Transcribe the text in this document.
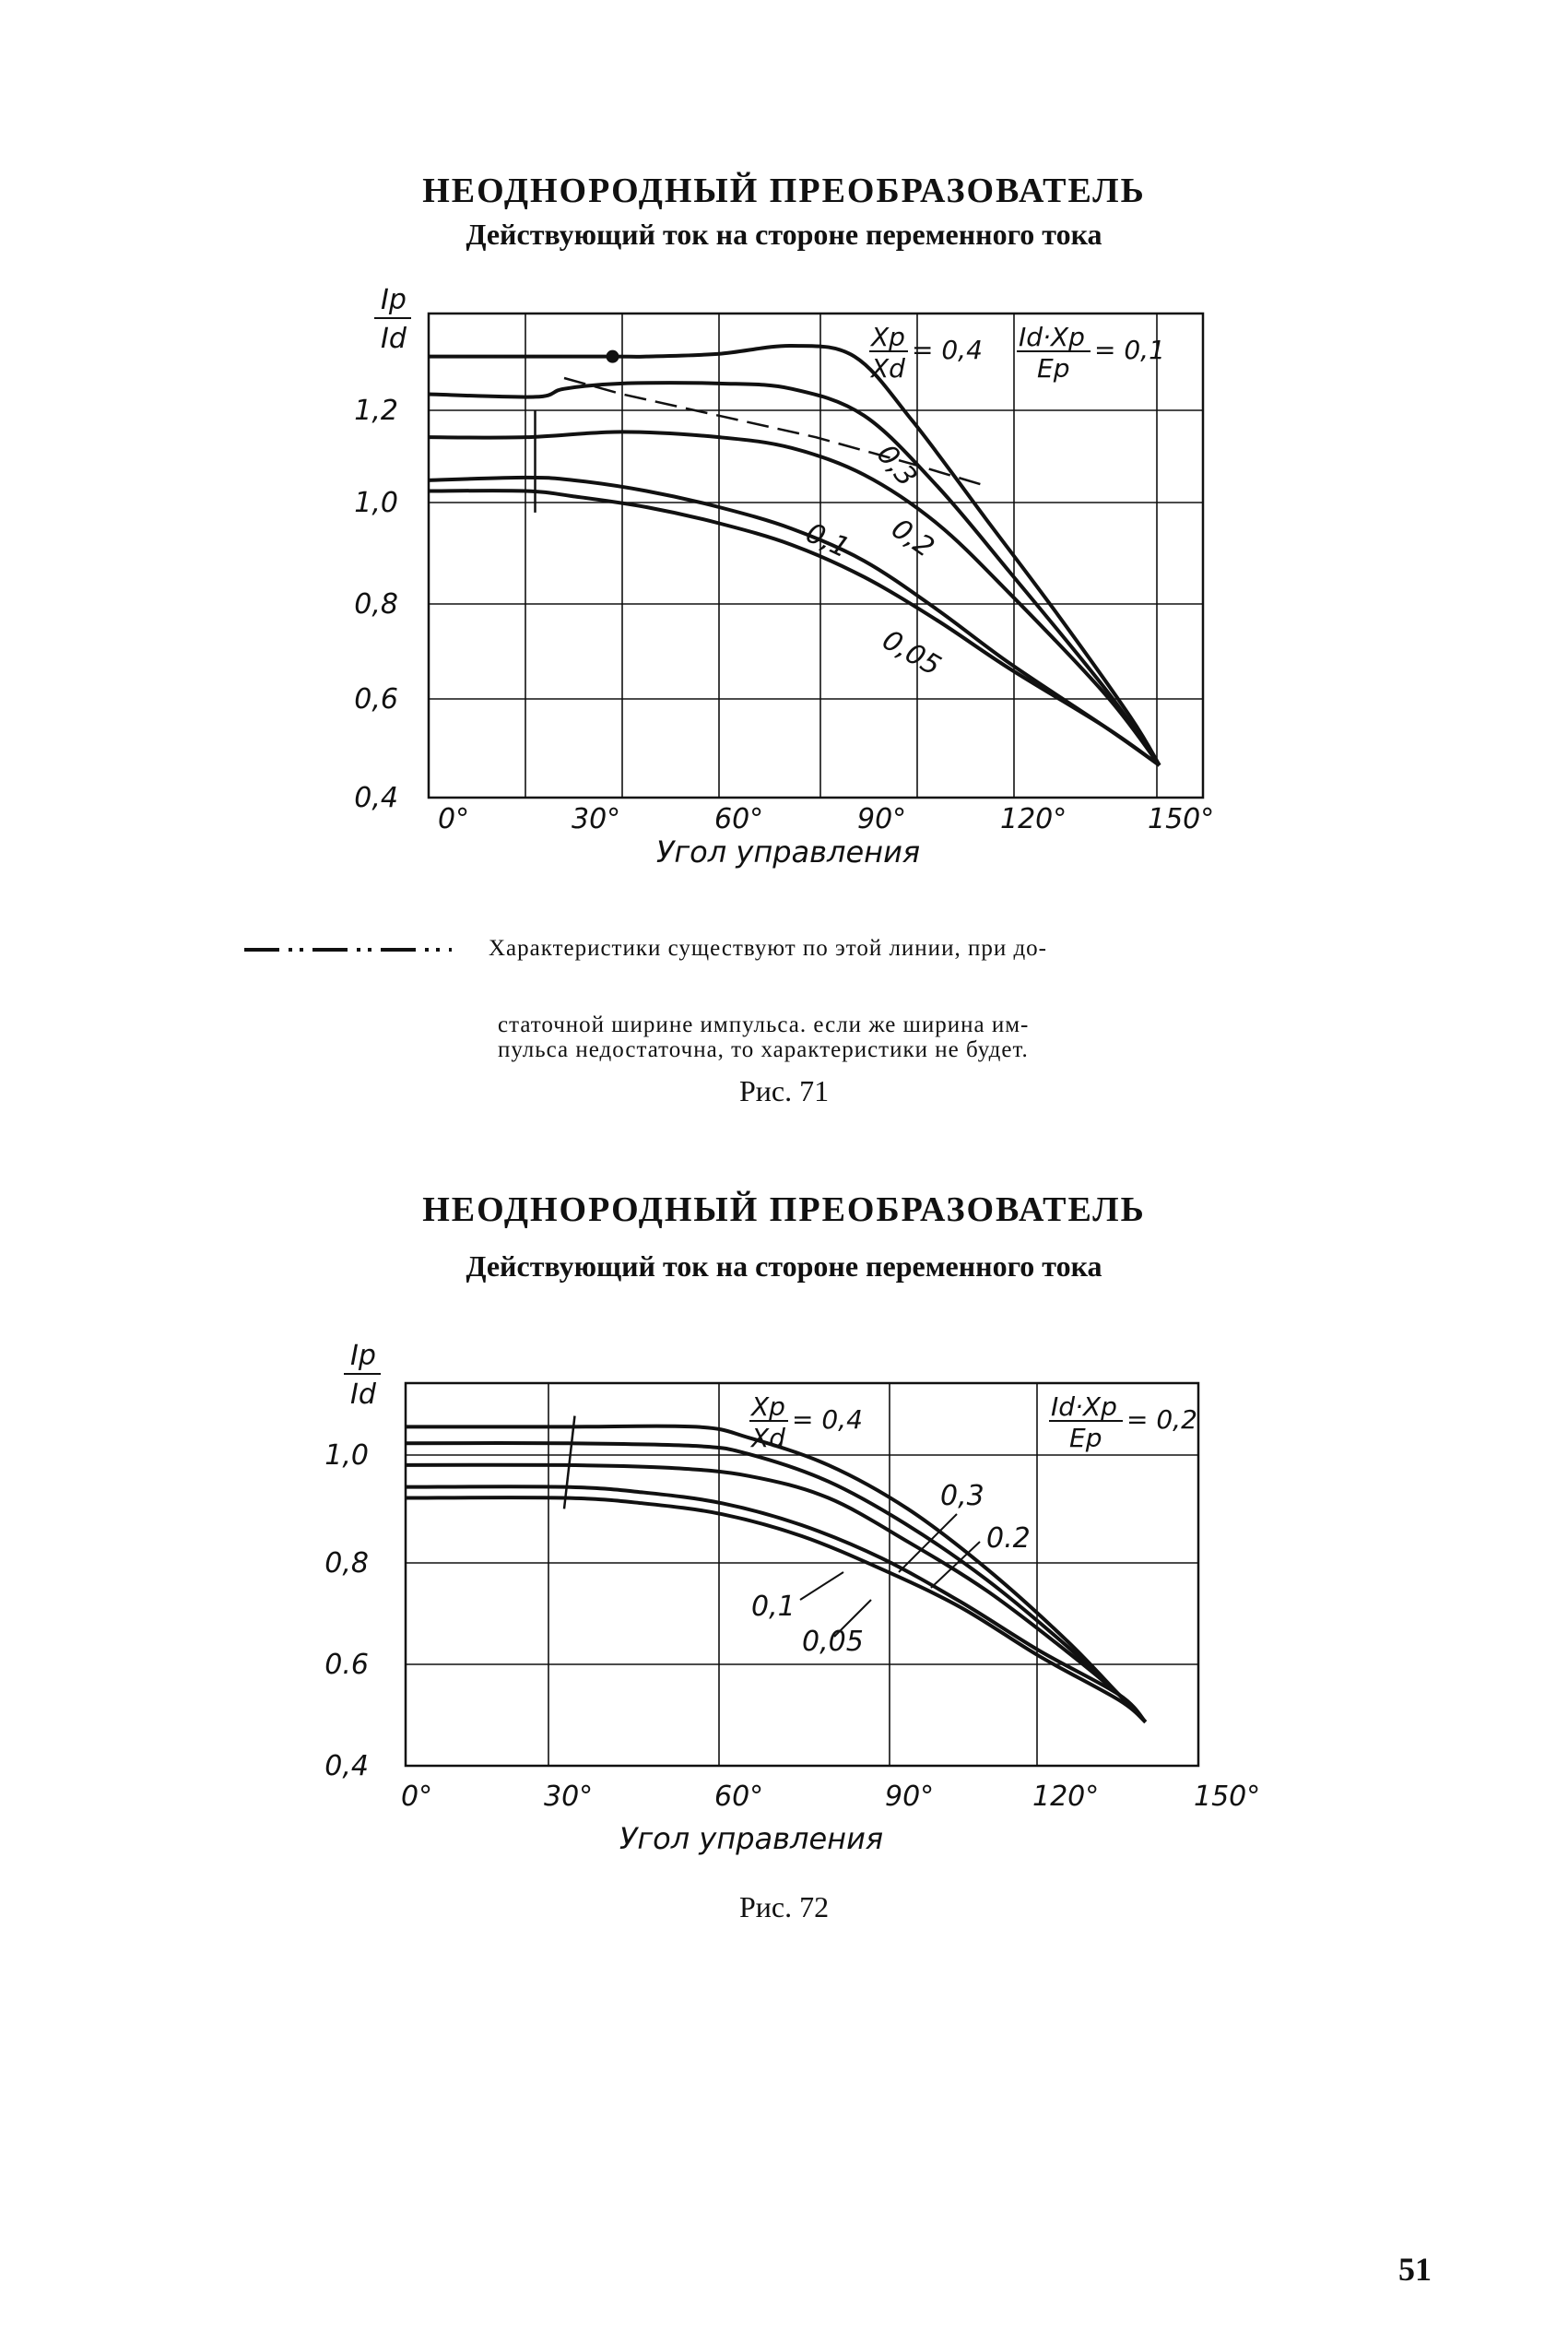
НЕОДНОРОДНЫЙ ПРЕОБРАЗОВАТЕЛЬ
Действующий ток на стороне переменного тока
0°	30°	60°	90°	120°	150°
0,4
0,6
0,8
1,0
1,2
Ip
Id
Угол управления
Xp
Xd
= 0,4 Id·Xp
Ep
= 0,1
0,3
0,2
0,1
0,05
Характеристики существуют по этой линии, при до-
статочной ширине импульса. если же ширина им-
пульса недостаточна, то характеристики не будет.
Рис. 71
НЕОДНОРОДНЫЙ ПРЕОБРАЗОВАТЕЛЬ
Действующий ток на стороне переменного тока
0°	30°	60°	90°	120°	150°
0,4
0.6
0,8
1,0
Ip
Id
Угол управления
Xp
Xd
= 0,4	Id·Xp
Ep
= 0,2
0,3
0.2
0,1
0,05
Рис. 72
51
